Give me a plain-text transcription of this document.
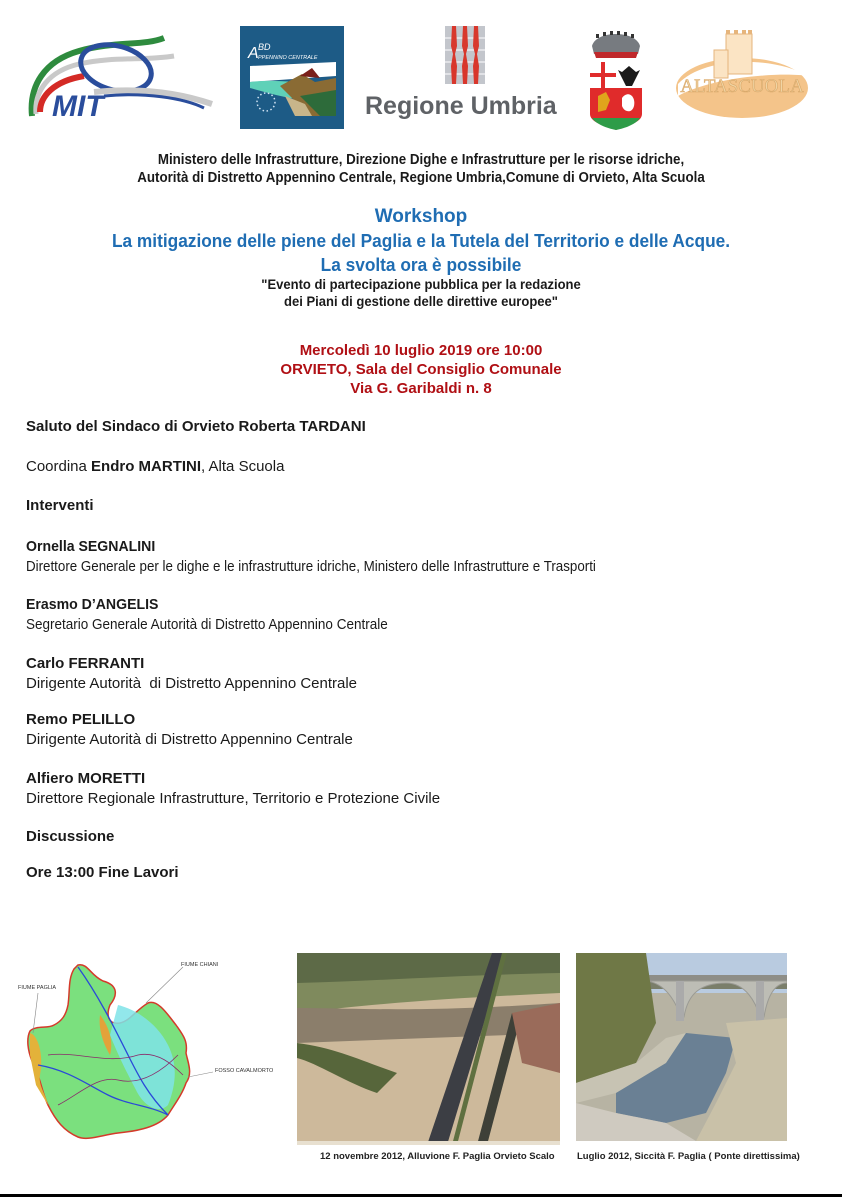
MIT
A BD
PPENNINO CENTRALE
Regione Umbria
ALTASCUOLA
Ministero delle Infrastrutture, Direzione Dighe e Infrastrutture per le risorse idriche,
Autorità di Distretto Appennino Centrale, Regione Umbria,Comune di Orvieto, Alta Scuola
Workshop
La mitigazione delle piene del Paglia e la Tutela del Territorio e delle Acque.
La svolta ora è possibile
"Evento di partecipazione pubblica per la redazione
dei Piani di gestione delle direttive europee"
Mercoledì 10 luglio 2019 ore 10:00
ORVIETO, Sala del Consiglio Comunale
Via G. Garibaldi n. 8
Saluto del Sindaco di Orvieto Roberta TARDANI
Coordina Endro MARTINI, Alta Scuola
Interventi
Ornella SEGNALINI
Direttore Generale per le dighe e le infrastrutture idriche, Ministero delle Infrastrutture e Trasporti
Erasmo D’ANGELIS
Segretario Generale Autorità di Distretto Appennino Centrale
Carlo FERRANTI
Dirigente Autorità  di Distretto Appennino Centrale
Remo PELILLO
Dirigente Autorità di Distretto Appennino Centrale
Alfiero MORETTI
Direttore Regionale Infrastrutture, Territorio e Protezione Civile
Discussione
Ore 13:00 Fine Lavori
FIUME PAGLIA
FIUME CHIANI
FOSSO CAVALMORTO
12 novembre 2012, Alluvione F. Paglia Orvieto Scalo Luglio 2012, Siccità F. Paglia ( Ponte direttissima)
